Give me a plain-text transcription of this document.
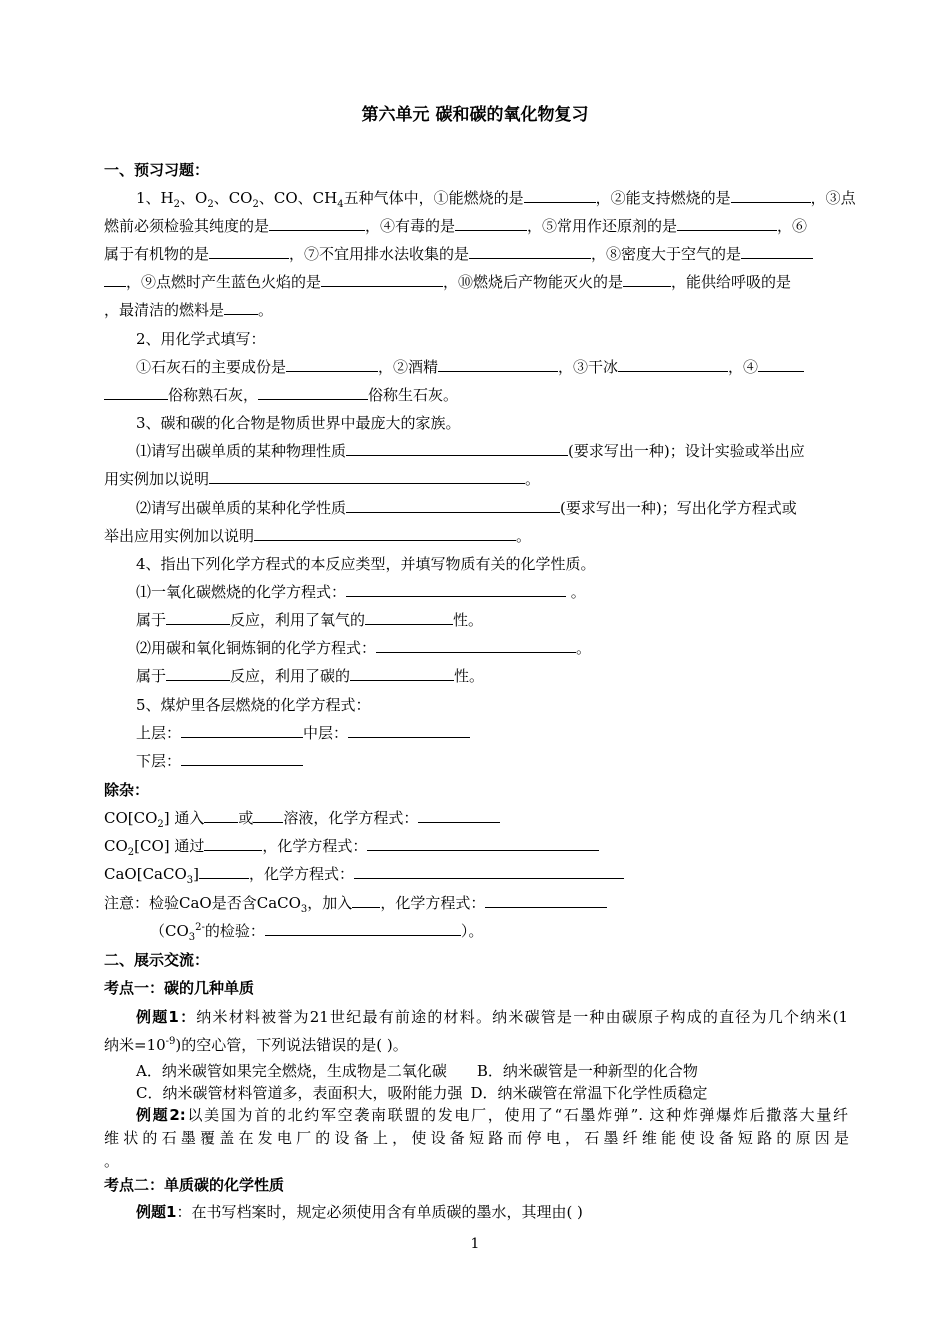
第六单元 碳和碳的氧化物复习
一、预习习题：
1、$H_2$、$O_2$、$CO_2$、CO、$CH_4$五种气体中，①能燃烧的是	，②能支持燃烧的是	，③点
燃前必须检验其纯度的是	，④有毒的是	，⑤常用作还原剂的是	，⑥
属于有机物的是	，⑦不宜用排水法收集的是	，⑧密度大于空气的是
，⑨点燃时产生蓝色火焰的是	，⑩燃烧后产物能灭火的是	，能供给呼吸的是
，最清洁的燃料是 。
2、用化学式填写：
①石灰石的主要成份是	，②酒精	，③干冰	，④
俗称熟石灰，	俗称生石灰。
3、碳和碳的化合物是物质世界中最庞大的家族。
⑴请写出碳单质的某种物理性质	(要求写出一种)；设计实验或举出应
用实例加以说明	。
⑵请写出碳单质的某种化学性质	(要求写出一种)；写出化学方程式或
举出应用实例加以说明	。
4、指出下列化学方程式的本反应类型，并填写物质有关的化学性质。
⑴一氧化碳燃烧的化学方程式：	。
属于	反应，利用了氧气的	性。
⑵用碳和氧化铜炼铜的化学方程式：	。
属于	反应，利用了碳的	性。
5、煤炉里各层燃烧的化学方程式：
上层：	中层：
下层：
除杂：
$CO[CO_2]$ 通入 或 溶液，化学方程式：
$CO_2[CO]$ 通过	，化学方程式：
CaO[CaCO$_3$]	，化学方程式：
注意：检验CaO是否含CaCO$_3$，加入 ，化学方程式：
（$CO_3^{2-}$的检验：	）。
二、展示交流：
考点一：碳的几种单质
例题1：纳米材料被誉为21世纪最有前途的材料。纳米碳管是一种由碳原子构成的直径为几个纳米(1
纳米$=10^{-9}$)的空心管，下列说法错误的是( )。
A．纳米碳管如果完全燃烧，生成物是二氧化碳 B．纳米碳管是一种新型的化合物
C．纳米碳管材料管道多，表面积大，吸附能力强 D．纳米碳管在常温下化学性质稳定
例题2:以美国为首的北约军空袭南联盟的发电厂，使用了“石墨炸弹”. 这种炸弹爆炸后撒落大量纤
维状的石墨覆盖在发电厂的设备上，使设备短路而停电，石墨纤维能使设备短路的原因是
。
考点二：单质碳的化学性质
例题1：在书写档案时，规定必须使用含有单质碳的墨水，其理由( )
1
